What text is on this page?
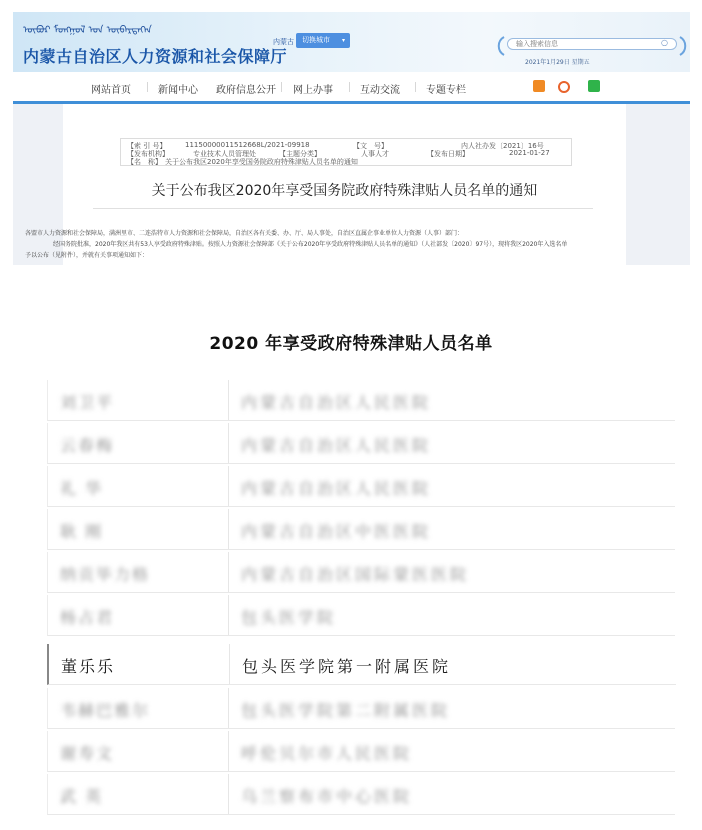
ᠥᠪᠥᠷ ᠮᠣᠩᠭᠣᠯ ᠤᠨ ᠥᠪᠡᠷᠲᠡᠭᠡᠨ
内蒙古自治区人力资源和社会保障厅
内蒙古	切换城市 ▾
输入搜索信息	○
2021年1月29日 星期五
网站首页	新闻中心 政府信息公开 网上办事	互动交流	专题专栏
【索 引 号】	11150000011512668L/2021-09918	【文　号】	内人社办发〔2021〕16号
【发布机构】	专业技术人员管理处	【主题分类】	人事人才	【发布日期】	2021-01-27
【名　称】 关于公布我区2020年享受国务院政府特殊津贴人员名单的通知
关于公布我区2020年享受国务院政府特殊津贴人员名单的通知
各盟市人力资源和社会保障局，满洲里市、二连浩特市人力资源和社会保障局，自治区各有关委、办、厅、局人事处，自治区直属企事业单位人力资源（人事）部门：
经国务院批准，2020年我区共有53人享受政府特殊津贴。按照人力资源社会保障部《关于公布2020年享受政府特殊津贴人员名单的通知》（人社部发〔2020〕97号），现将我区2020年入选名单
予以公布（见附件），并就有关事项通知如下：
2020 年享受政府特殊津贴人员名单
刘卫平	内蒙古自治区人民医院
云春梅	内蒙古自治区人民医院
礼 华	内蒙古自治区人民医院
耿 刚	内蒙古自治区中医医院
纳贡毕力格	内蒙古自治区国际蒙医医院
杨占君	包头医学院
董乐乐	包头医学院第一附属医院
韦赫巴雅尔	包头医学院第二附属医院
谢寿文	呼伦贝尔市人民医院
武 英	乌兰察布市中心医院
